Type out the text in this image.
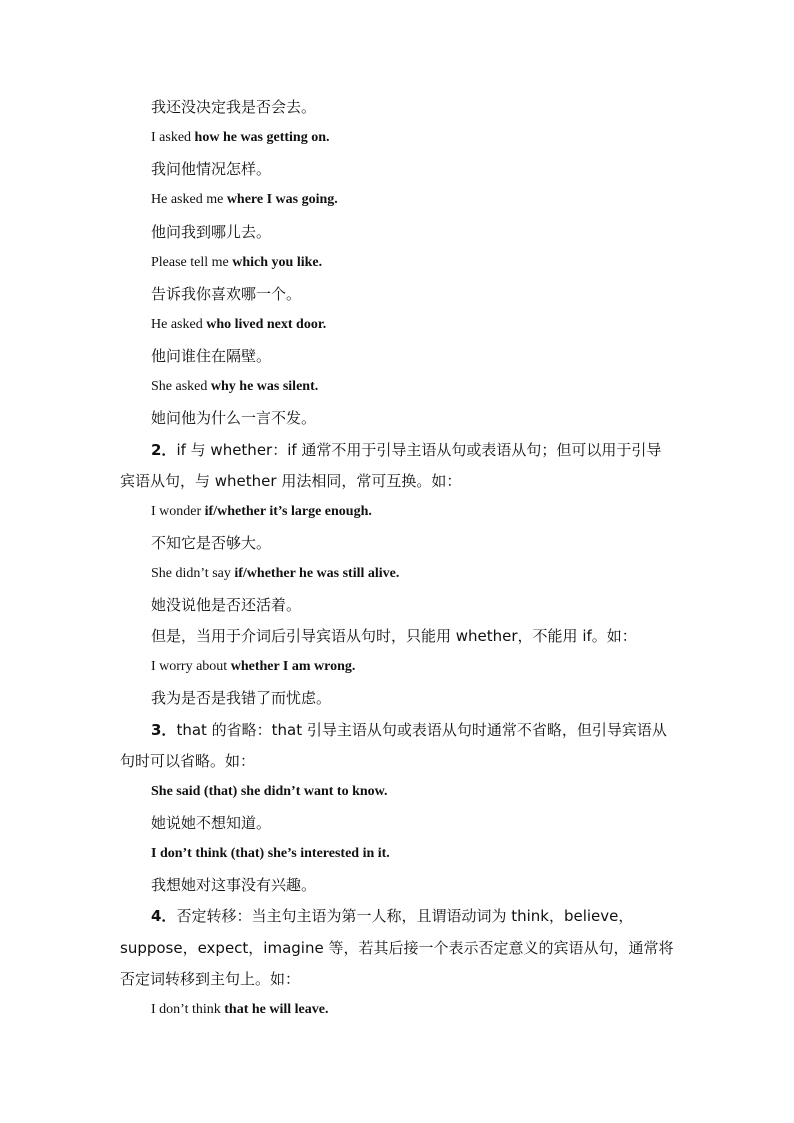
我还没决定我是否会去。
I asked how he was getting on.
我问他情况怎样。
He asked me where I was going.
他问我到哪儿去。
Please tell me which you like.
告诉我你喜欢哪一个。
He asked who lived next door.
他问谁住在隔壁。
She asked why he was silent.
她问他为什么一言不发。
2．if 与 whether：if 通常不用于引导主语从句或表语从句；但可以用于引导
宾语从句，与 whether 用法相同，常可互换。如：
I wonder if/whether it’s large enough.
不知它是否够大。
She didn’t say if/whether he was still alive.
她没说他是否还活着。
但是，当用于介词后引导宾语从句时，只能用 whether，不能用 if。如：
I worry about whether I am wrong.
我为是否是我错了而忧虑。
3．that 的省略：that 引导主语从句或表语从句时通常不省略，但引导宾语从
句时可以省略。如：
She said (that) she didn’t want to know.
她说她不想知道。
I don’t think (that) she’s interested in it.
我想她对这事没有兴趣。
4．否定转移：当主句主语为第一人称，且谓语动词为 think，believe，
suppose，expect，imagine 等，若其后接一个表示否定意义的宾语从句，通常将
否定词转移到主句上。如：
I don’t think that he will leave.
